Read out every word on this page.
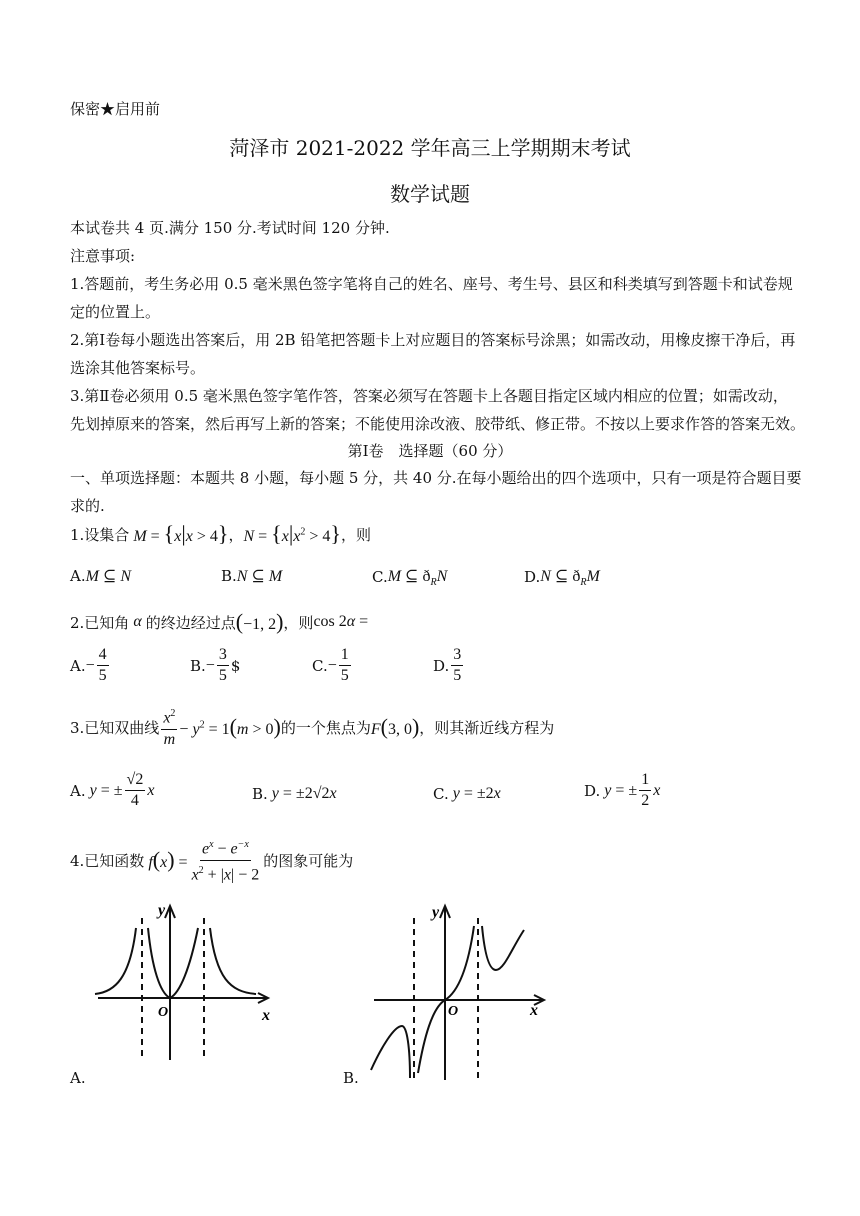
保密★启用前
菏泽市 2021-2022 学年高三上学期期末考试
数学试题
本试卷共 4 页.满分 150 分.考试时间 120 分钟.
注意事项:
1.答题前，考生务必用 0.5 毫米黑色签字笔将自己的姓名、座号、考生号、县区和科类填写到答题卡和试卷规
定的位置上。
2.第Ⅰ卷每小题选出答案后，用 2B 铅笔把答题卡上对应题目的答案标号涂黑；如需改动，用橡皮擦干净后，再
选涂其他答案标号。
3.第Ⅱ卷必须用 0.5 毫米黑色签字笔作答，答案必须写在答题卡上各题目指定区域内相应的位置；如需改动，
先划掉原来的答案，然后再写上新的答案；不能使用涂改液、胶带纸、修正带。不按以上要求作答的答案无效。
第Ⅰ卷　选择题（60 分）
一、单项选择题：本题共 8 小题，每小题 5 分，共 40 分.在每小题给出的四个选项中，只有一项是符合题目要
求的.
1.设集合 M = {x|x > 4} ， $N = \{x|x^2 > 4\}$ ，则
A. M ⊆ N	B. N ⊆ M	C. M ⊆ $ð_RN$	D. N ⊆ $ð_RM$
2.已知角 α 的终边经过点 (−1, 2) ，则 cos 2α =
A. − $\frac{4}{5}$	B. − $\frac{3}{5}$ $	C. − $\frac{1}{5}$	D. $\frac{3}{5}$
3.已知双曲线 $\frac{x^2}{m} - y^2 = 1(m > 0)$ 的一个焦点为 F(3, 0) ，则其渐近线方程为
A. y = ± $\frac{√2}{4}$ x	B. y = ±2√2x	C. y = ±2x	D. y = ± $\frac{1}{2}$ x
4.已知函数 $f(x) = \frac{e^x - e^{-x}}{x^2 + |x| - 2}$ 的图象可能为
y
x
O
A.
y
x
O
B.
